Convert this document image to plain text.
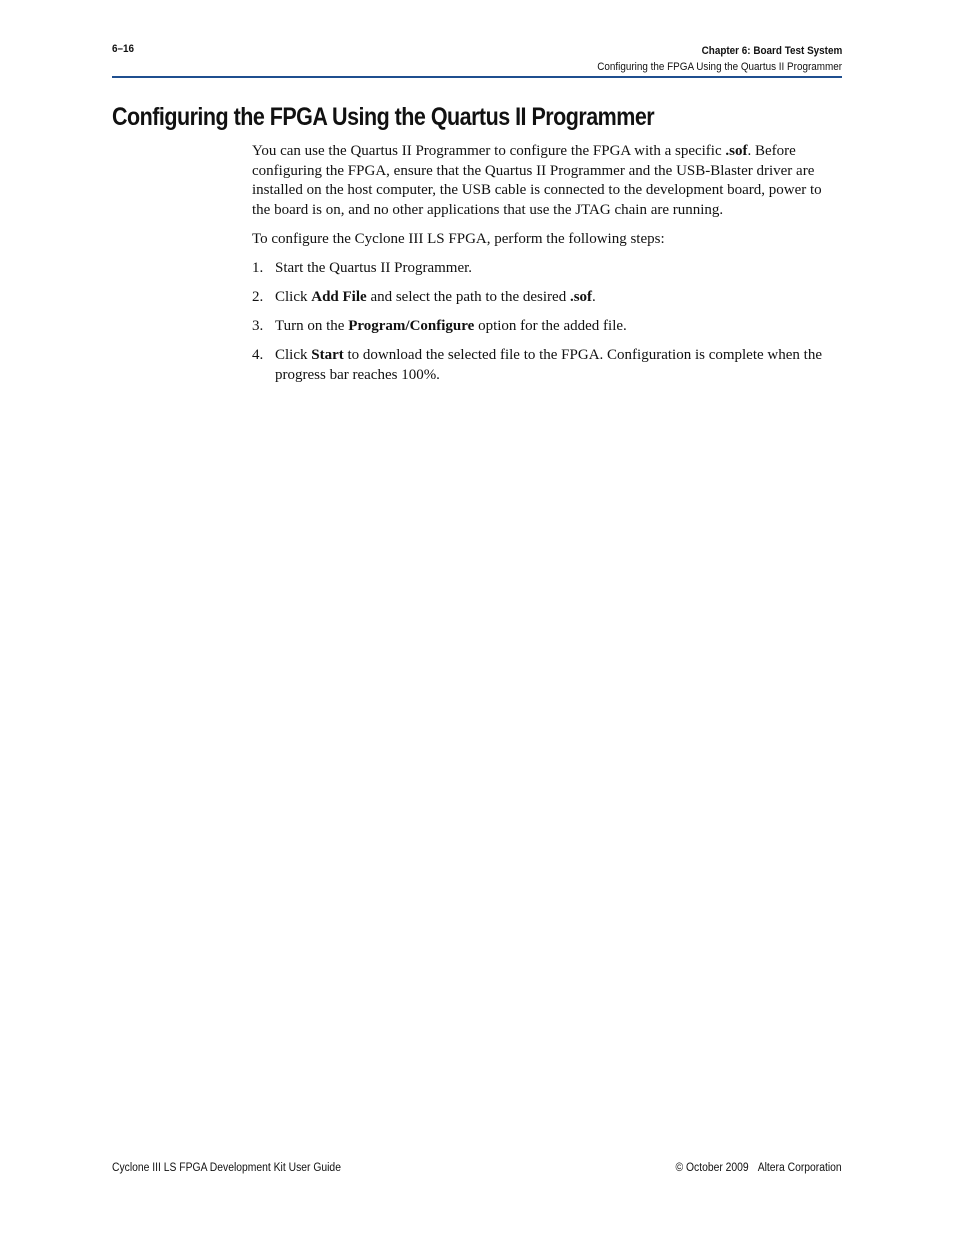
6–16	Chapter 6: Board Test System
Configuring the FPGA Using the Quartus II Programmer
Configuring the FPGA Using the Quartus II Programmer

You can use the Quartus II Programmer to configure the FPGA with a specific .sof. Before configuring the FPGA, ensure that the Quartus II Programmer and the USB-Blaster driver are installed on the host computer, the USB cable is connected to the development board, power to the board is on, and no other applications that use the JTAG chain are running.

To configure the Cyclone III LS FPGA, perform the following steps:

1. Start the Quartus II Programmer.
2. Click Add File and select the path to the desired .sof.
3. Turn on the Program/Configure option for the added file.
4. Click Start to download the selected file to the FPGA. Configuration is complete when the progress bar reaches 100%.
Cyclone III LS FPGA Development Kit User Guide	© October 2009 Altera Corporation
